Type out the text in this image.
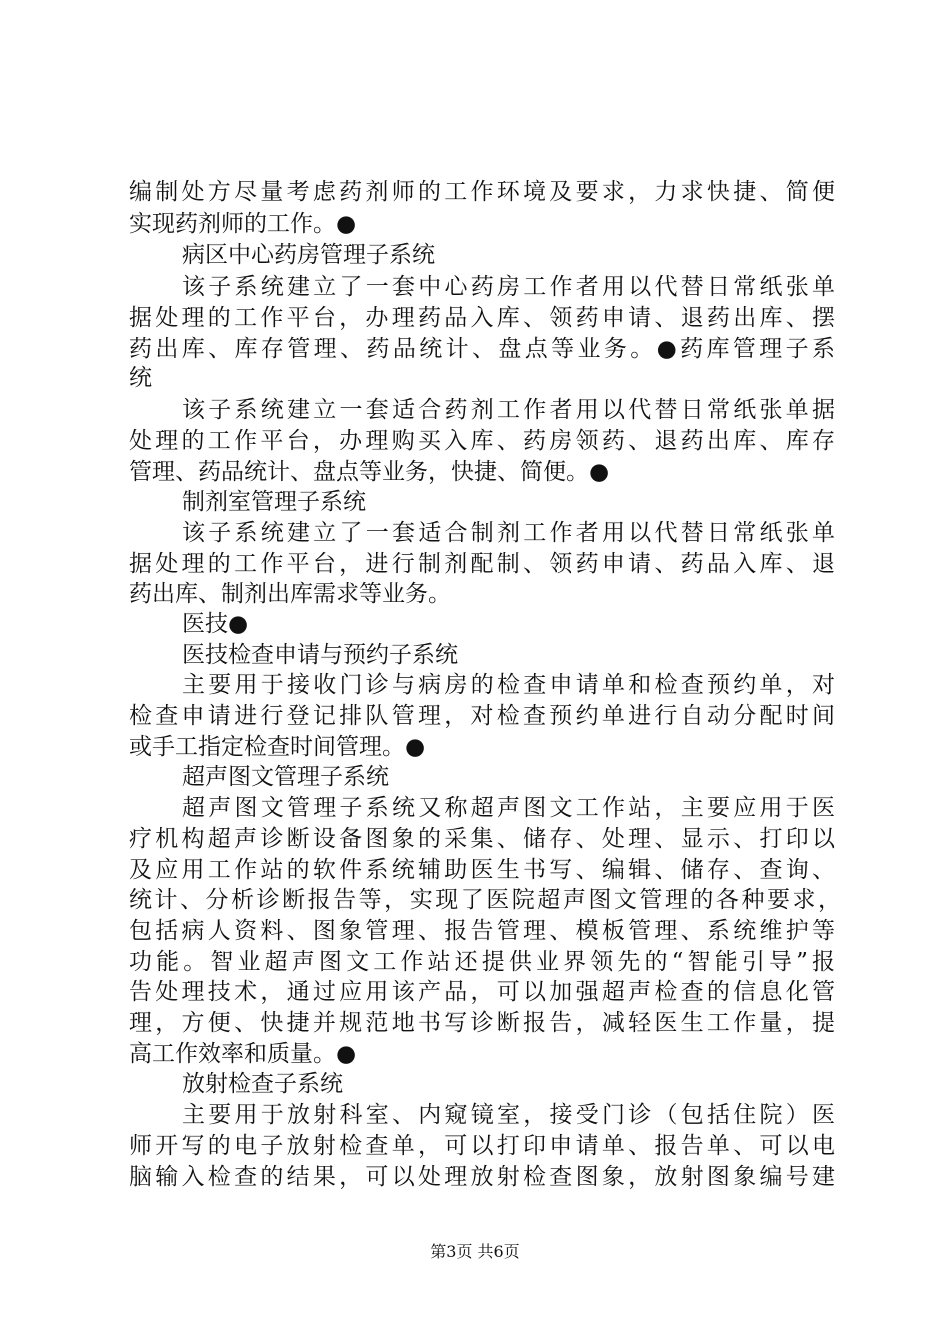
编制处方尽量考虑药剂师的工作环境及要求，力求快捷、简便
实现药剂师的工作。●
病区中心药房管理子系统
该子系统建立了一套中心药房工作者用以代替日常纸张单
据处理的工作平台，办理药品入库、领药申请、退药出库、摆
药出库、库存管理、药品统计、盘点等业务。●药库管理子系
统
该子系统建立一套适合药剂工作者用以代替日常纸张单据
处理的工作平台，办理购买入库、药房领药、退药出库、库存
管理、药品统计、盘点等业务，快捷、简便。●
制剂室管理子系统
该子系统建立了一套适合制剂工作者用以代替日常纸张单
据处理的工作平台，进行制剂配制、领药申请、药品入库、退
药出库、制剂出库需求等业务。
医技●
医技检查申请与预约子系统
主要用于接收门诊与病房的检查申请单和检查预约单，对
检查申请进行登记排队管理，对检查预约单进行自动分配时间
或手工指定检查时间管理。●
超声图文管理子系统
超声图文管理子系统又称超声图文工作站，主要应用于医
疗机构超声诊断设备图象的采集、储存、处理、显示、打印以
及应用工作站的软件系统辅助医生书写、编辑、储存、查询、
统计、分析诊断报告等，实现了医院超声图文管理的各种要求，
包括病人资料、图象管理、报告管理、模板管理、系统维护等
功能。智业超声图文工作站还提供业界领先的“智能引导”报
告处理技术，通过应用该产品，可以加强超声检查的信息化管
理，方便、快捷并规范地书写诊断报告，减轻医生工作量，提
高工作效率和质量。●
放射检查子系统
主要用于放射科室、内窥镜室，接受门诊（包括住院）医
师开写的电子放射检查单，可以打印申请单、报告单、可以电
脑输入检查的结果，可以处理放射检查图象，放射图象编号建
第3页 共6页
